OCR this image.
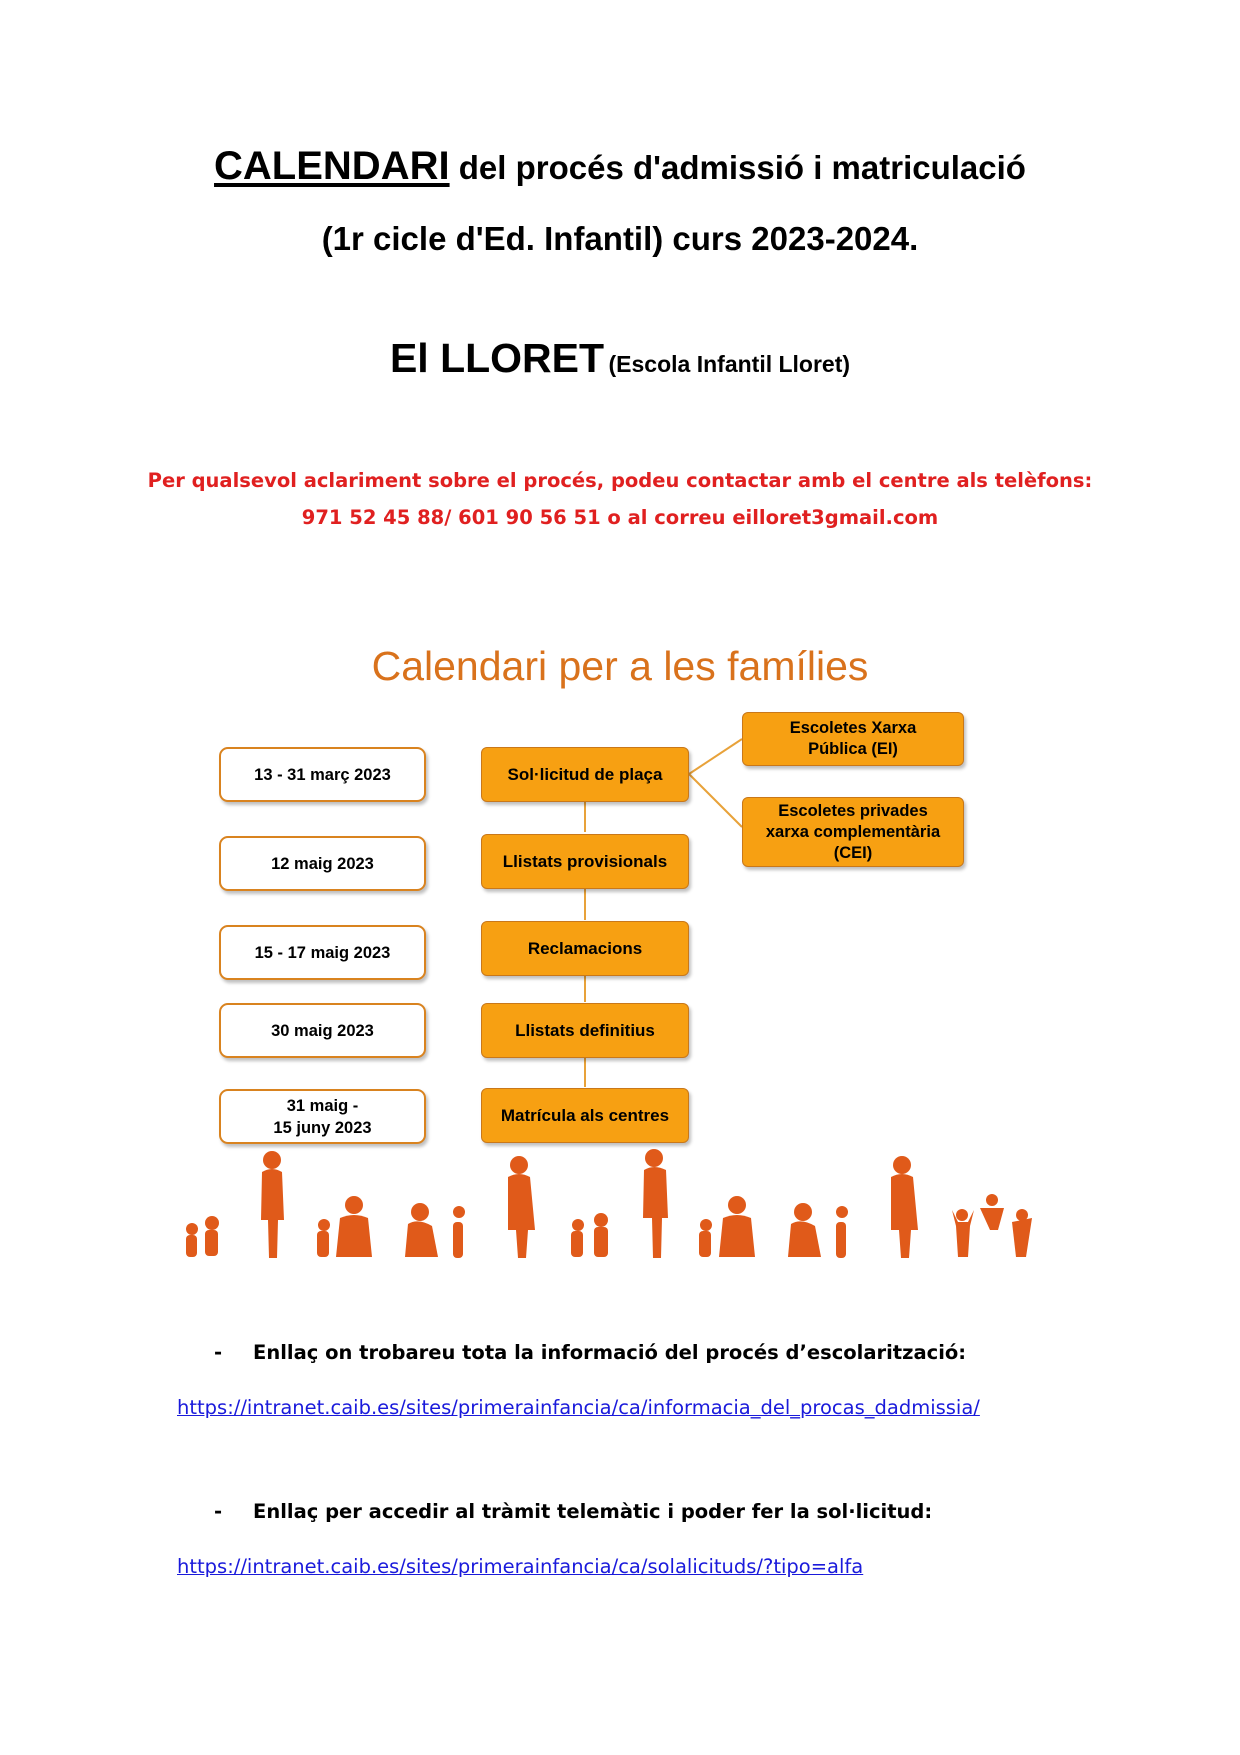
CALENDARI del procés d'admissió i matriculació
(1r cicle d'Ed. Infantil) curs 2023-2024.
El LLORET (Escola Infantil Lloret)
Per qualsevol aclariment sobre el procés, podeu contactar amb el centre als telèfons:
971 52 45 88/ 601 90 56 51 o al correu eilloret3gmail.com
Calendari per a les famílies
13 - 31 març 2023
12 maig 2023
15 - 17 maig 2023
30 maig 2023
31 maig -
15 juny 2023
Sol·licitud de plaça
Llistats provisionals
Reclamacions
Llistats definitius
Matrícula als centres
Escoletes Xarxa
Pública (EI)
Escoletes privades
xarxa complementària
(CEI)
- Enllaç on trobareu tota la informació del procés d’escolarització:
https://intranet.caib.es/sites/primerainfancia/ca/informacia_del_procas_dadmissia/
- Enllaç per accedir al tràmit telemàtic i poder fer la sol·licitud:
https://intranet.caib.es/sites/primerainfancia/ca/solalicituds/?tipo=alfa
